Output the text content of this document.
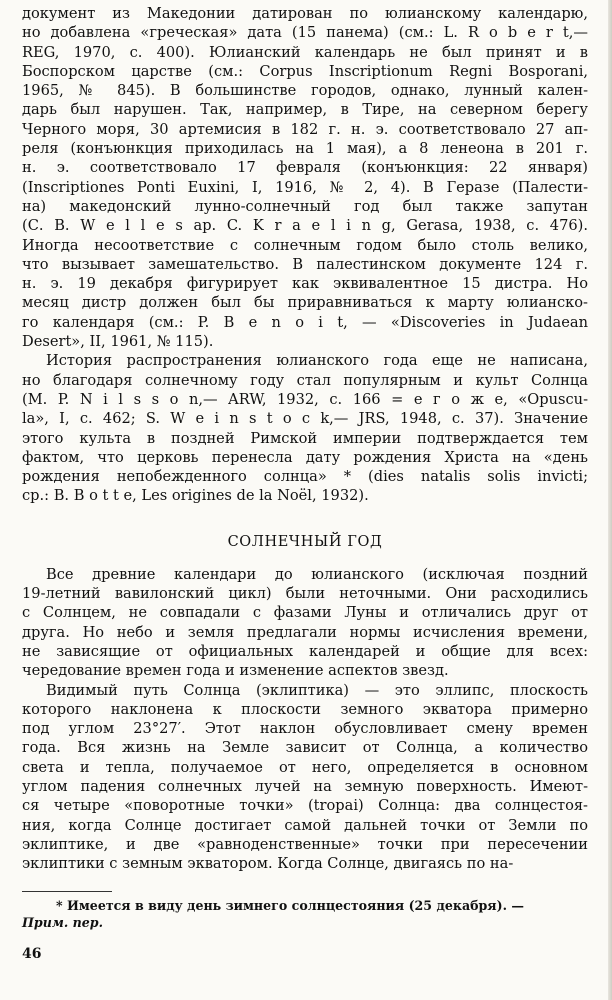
документ из Македонии датирован по юлианскому календарю,
но добавлена «греческая» дата (15 панема) (см.: L. R o b e r t,—
REG, 1970, с. 400). Юлианский календарь не был принят и в
Боспорском царстве (см.: Corpus Inscriptionum Regni Bosporani,
1965, № 845). В большинстве городов, однако, лунный кален-
дарь был нарушен. Так, например, в Тире, на северном берегу
Черного моря, 30 артемисия в 182 г. н. э. соответствовало 27 ап-
реля (конъюнкция приходилась на 1 мая), а 8 ленеона в 201 г.
н. э. соответствовало 17 февраля (конъюнкция: 22 января)
(Inscriptiones Ponti Euxini, I, 1916, № 2, 4). В Геразе (Палести-
на) македонский лунно-солнечный год был также запутан
(С. B. W e l l e s ap. C. K r a e l i n g, Gerasa, 1938, с. 476).
Иногда несоответствие с солнечным годом было столь велико,
что вызывает замешательство. В палестинском документе 124 г.
н. э. 19 декабря фигурирует как эквивалентное 15 дистра. Но
месяц дистр должен был бы приравниваться к марту юлианско-
го календаря (см.: P. B e n o i t, — «Discoveries in Judaean
Desert», II, 1961, № 115).
История распространения юлианского года еще не написана,
но благодаря солнечному году стал популярным и культ Солнца
(M. P. N i l s s o n,— ARW, 1932, с. 166 = е г о ж е, «Opuscu-
la», I, с. 462; S. W e i n s t o c k,— JRS, 1948, с. 37). Значение
этого культа в поздней Римской империи подтверждается тем
фактом, что церковь перенесла дату рождения Христа на «день
рождения непобежденного солнца» * (dies natalis solis invicti;
ср.: B. B o t t e, Les origines de la Noël, 1932).
СОЛНЕЧНЫЙ ГОД
Все древние календари до юлианского (исключая поздний
19-летний вавилонский цикл) были неточными. Они расходились
с Солнцем, не совпадали с фазами Луны и отличались друг от
друга. Но небо и земля предлагали нормы исчисления времени,
не зависящие от официальных календарей и общие для всех:
чередование времен года и изменение аспектов звезд.
Видимый путь Солнца (эклиптика) — это эллипс, плоскость
которого наклонена к плоскости земного экватора примерно
под углом 23°27′. Этот наклон обусловливает смену времен
года. Вся жизнь на Земле зависит от Солнца, а количество
света и тепла, получаемое от него, определяется в основном
углом падения солнечных лучей на земную поверхность. Имеют-
ся четыре «поворотные точки» (tropai) Солнца: два солнцестоя-
ния, когда Солнце достигает самой дальней точки от Земли по
эклиптике, и две «равноденственные» точки при пересечении
эклиптики с земным экватором. Когда Солнце, двигаясь по на-
* Имеется в виду день зимнего солнцестояния (25 декабря). —
Прим. пер.
46
